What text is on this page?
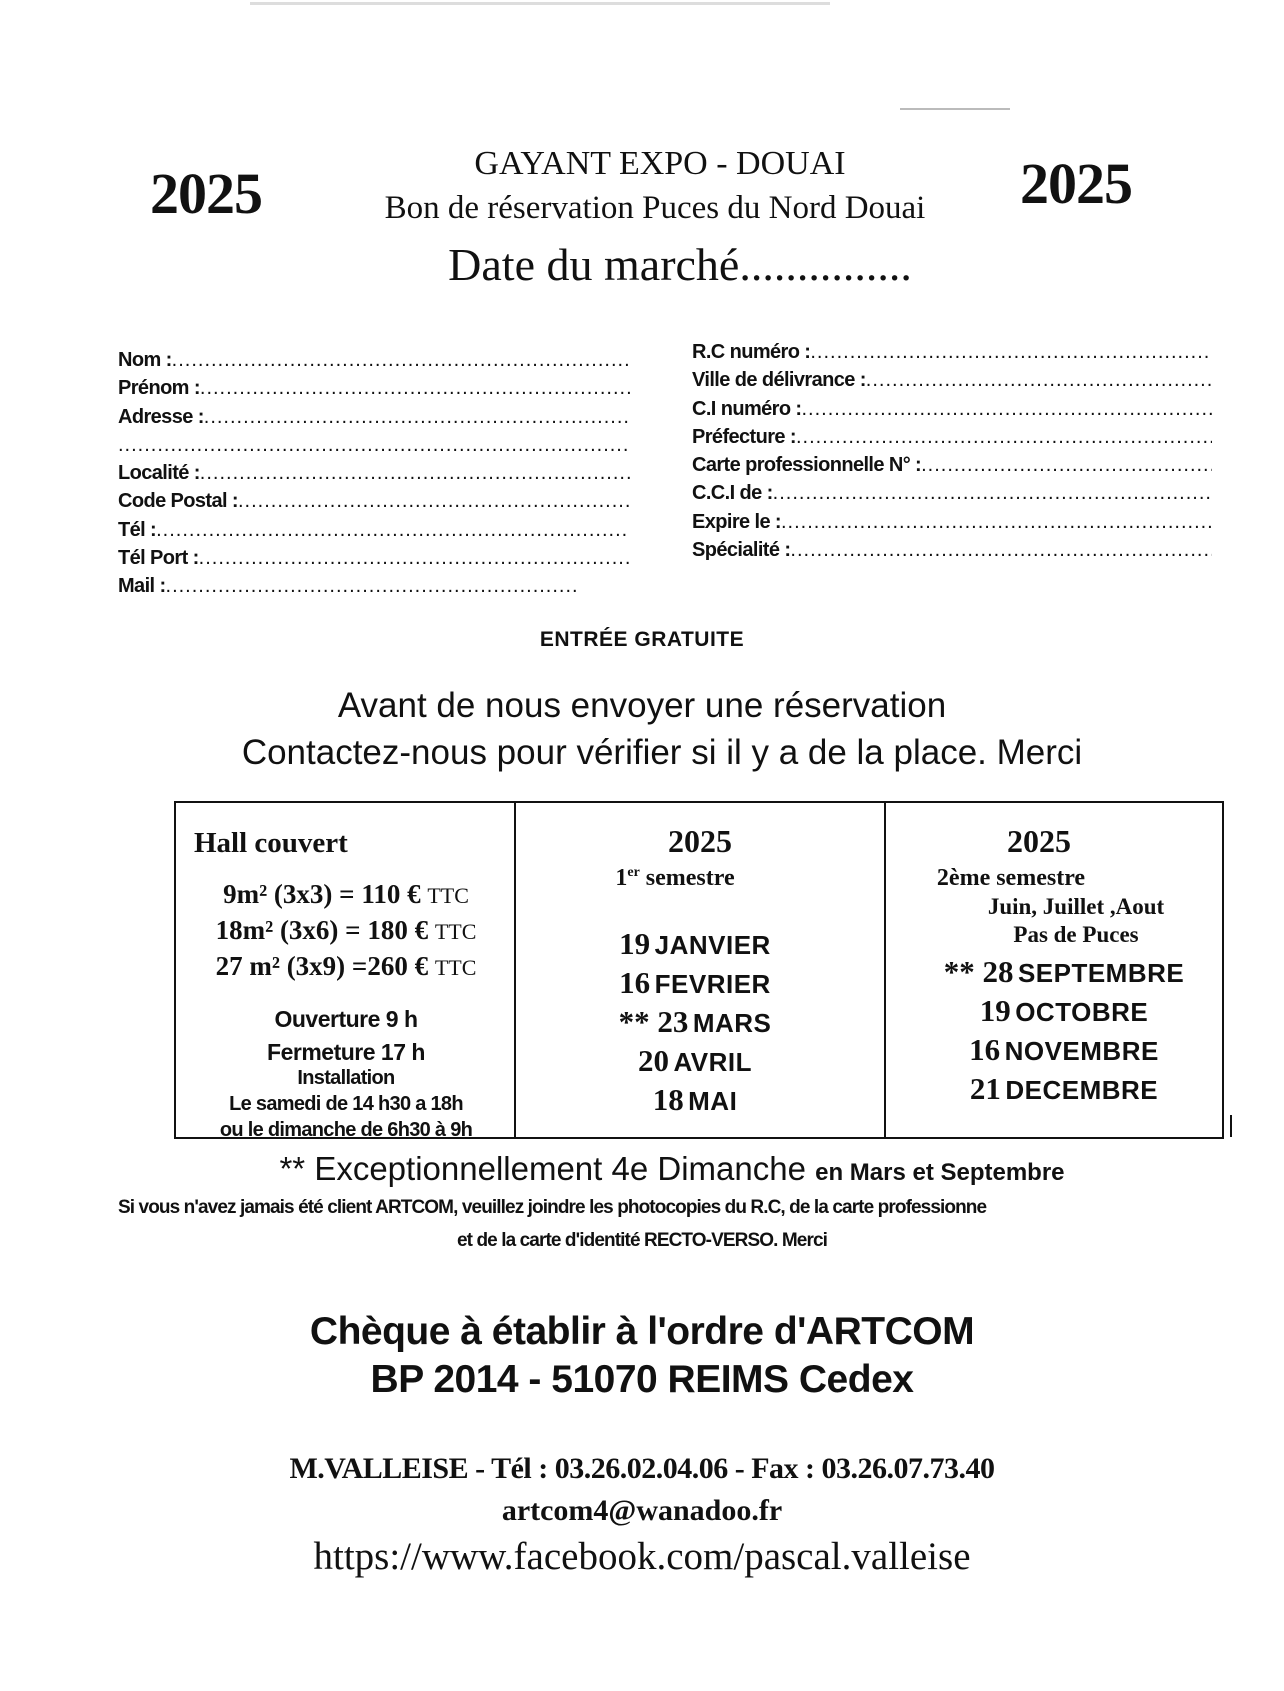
2025	2025
GAYANT EXPO - DOUAI
Bon de réservation Puces du Nord Douai
Date du marché...............
Nom :
.....
Prénom :
.....
Adresse :
.....
.....
Localité :
.....
Code Postal :
.....
Tél :
.....
Tél Port :
.....
Mail :
.....
R.C numéro :
.....
Ville de délivrance :
.....
C.I numéro :
.....
Préfecture :
.....
Carte professionnelle N° :
.....
C.C.I de :
.....
Expire le :
.....
Spécialité :
.....
ENTRÉE GRATUITE
Avant de nous envoyer une réservation
Contactez-nous pour vérifier si il y a de la place. Merci
Hall couvert
9m² (3x3) = 110 € TTC
18m² (3x6) = 180 € TTC
27 m² (3x9) =260 € TTC
Ouverture 9 h
Fermeture 17 h
Installation
Le samedi de 14 h30 a 18h
ou le dimanche de 6h30 à 9h
2025
1er semestre
19 JANVIER
16 FEVRIER
** 23 MARS
20 AVRIL
18 MAI
2025
2ème semestre
Juin, Juillet ,Aout
Pas de Puces
** 28 SEPTEMBRE
19 OCTOBRE
16 NOVEMBRE
21 DECEMBRE
** Exceptionnellement 4e Dimanche en Mars et Septembre
Si vous n'avez jamais été client ARTCOM, veuillez joindre les photocopies du R.C, de la carte professionne
et de la carte d'identité RECTO-VERSO. Merci
Chèque à établir à l'ordre d'ARTCOM
BP 2014 - 51070 REIMS Cedex
M.VALLEISE - Tél : 03.26.02.04.06 - Fax : 03.26.07.73.40
artcom4@wanadoo.fr
https://www.facebook.com/pascal.valleise
